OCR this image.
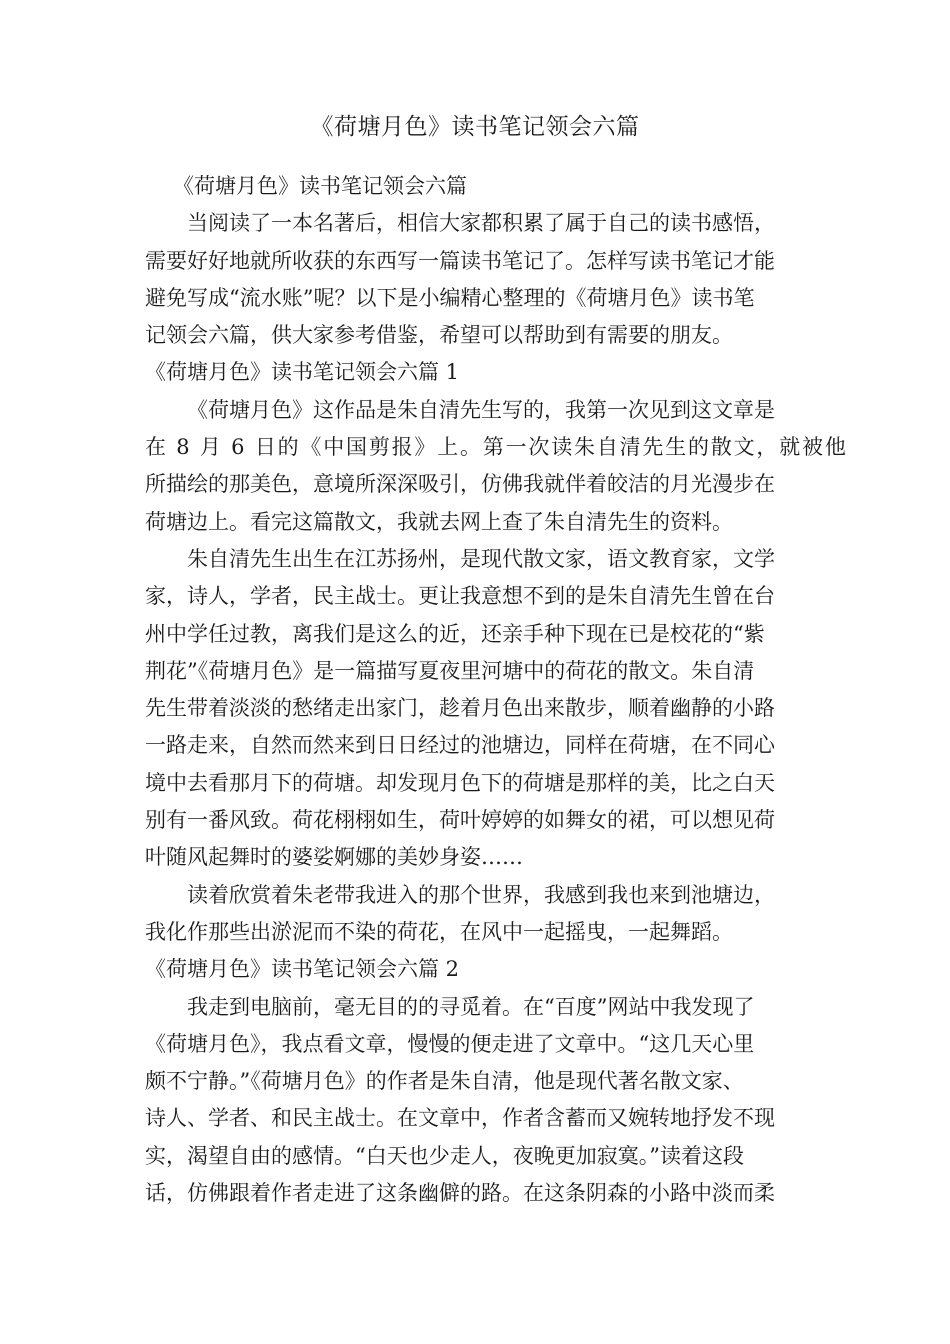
《荷塘月色》读书笔记领会六篇
《荷塘月色》读书笔记领会六篇
当阅读了一本名著后，相信大家都积累了属于自己的读书感悟，
需要好好地就所收获的东西写一篇读书笔记了。怎样写读书笔记才能
避免写成“流水账”呢？以下是小编精心整理的《荷塘月色》读书笔
记领会六篇，供大家参考借鉴，希望可以帮助到有需要的朋友。
《荷塘月色》读书笔记领会六篇 1
《荷塘月色》这作品是朱自清先生写的，我第一次见到这文章是
在 8 月 6 日的《中国剪报》上。第一次读朱自清先生的散文，就被他
所描绘的那美色，意境所深深吸引，仿佛我就伴着皎洁的月光漫步在
荷塘边上。看完这篇散文，我就去网上查了朱自清先生的资料。
朱自清先生出生在江苏扬州，是现代散文家，语文教育家，文学
家，诗人，学者，民主战士。更让我意想不到的是朱自清先生曾在台
州中学任过教，离我们是这么的近，还亲手种下现在已是校花的“紫
荆花”《荷塘月色》是一篇描写夏夜里河塘中的荷花的散文。朱自清
先生带着淡淡的愁绪走出家门，趁着月色出来散步，顺着幽静的小路
一路走来，自然而然来到日日经过的池塘边，同样在荷塘，在不同心
境中去看那月下的荷塘。却发现月色下的荷塘是那样的美，比之白天
别有一番风致。荷花栩栩如生，荷叶婷婷的如舞女的裙，可以想见荷
叶随风起舞时的婆娑婀娜的美妙身姿……
读着欣赏着朱老带我进入的那个世界，我感到我也来到池塘边，
我化作那些出淤泥而不染的荷花，在风中一起摇曳，一起舞蹈。
《荷塘月色》读书笔记领会六篇 2
我走到电脑前，毫无目的的寻觅着。在“百度”网站中我发现了
《荷塘月色》，我点看文章，慢慢的便走进了文章中。“这几天心里
颇不宁静。”《荷塘月色》的作者是朱自清，他是现代著名散文家、
诗人、学者、和民主战士。在文章中，作者含蓄而又婉转地抒发不现
实，渴望自由的感情。“白天也少走人，夜晚更加寂寞。”读着这段
话，仿佛跟着作者走进了这条幽僻的路。在这条阴森的小路中淡而柔
